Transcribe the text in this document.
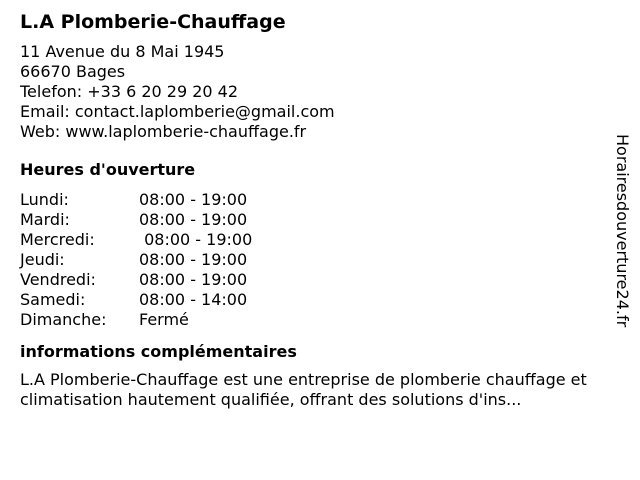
L.A Plomberie-Chauffage
11 Avenue du 8 Mai 1945
66670 Bages
Telefon: +33 6 20 29 20 42
Email: contact.laplomberie@gmail.com
Web: www.laplomberie-chauffage.fr
Heures d'ouverture
Lundi:	08:00 - 19:00
Mardi:	08:00 - 19:00
Mercredi:	08:00 - 19:00
Jeudi:	08:00 - 19:00
Vendredi:	08:00 - 19:00
Samedi:	08:00 - 14:00
Dimanche:	Fermé
informations complémentaires
L.A Plomberie-Chauffage est une entreprise de plomberie chauffage et climatisation hautement qualifiée, offrant des solutions d'ins...
Horairesdouverture24.fr
